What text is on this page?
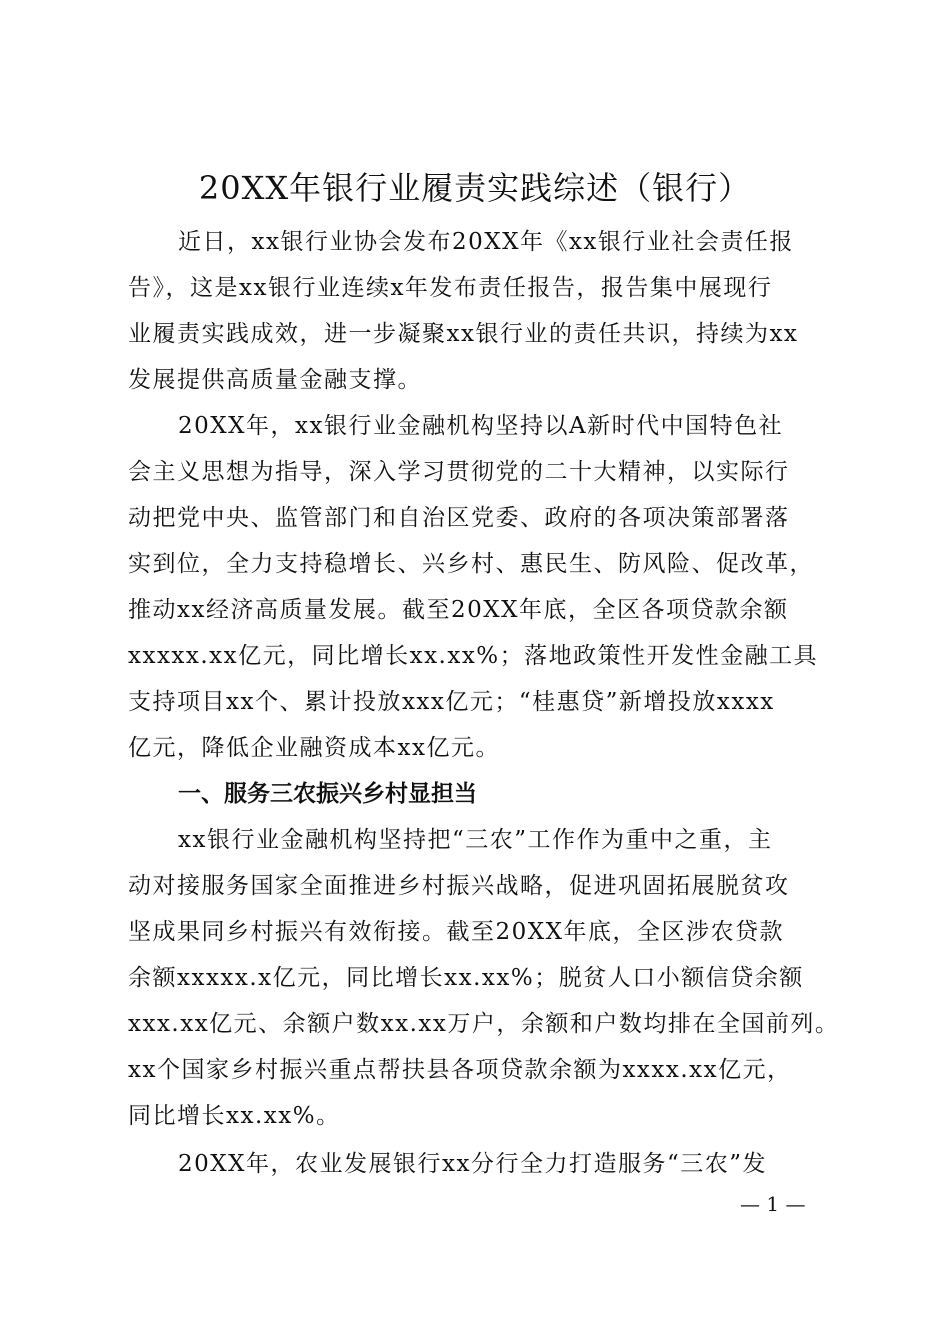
20XX年银行业履责实践综述（银行）
近日，xx银行业协会发布20XX年《xx银行业社会责任报
告》，这是xx银行业连续x年发布责任报告，报告集中展现行
业履责实践成效，进一步凝聚xx银行业的责任共识，持续为xx
发展提供高质量金融支撑。
20XX年，xx银行业金融机构坚持以A新时代中国特色社
会主义思想为指导，深入学习贯彻党的二十大精神，以实际行
动把党中央、监管部门和自治区党委、政府的各项决策部署落
实到位，全力支持稳增长、兴乡村、惠民生、防风险、促改革，
推动xx经济高质量发展。截至20XX年底，全区各项贷款余额
xxxxx.xx亿元，同比增长xx.xx%；落地政策性开发性金融工具
支持项目xx个、累计投放xxx亿元；“桂惠贷”新增投放xxxx
亿元，降低企业融资成本xx亿元。
一、服务三农振兴乡村显担当
xx银行业金融机构坚持把“三农”工作作为重中之重，主
动对接服务国家全面推进乡村振兴战略，促进巩固拓展脱贫攻
坚成果同乡村振兴有效衔接。截至20XX年底，全区涉农贷款
余额xxxxx.x亿元，同比增长xx.xx%；脱贫人口小额信贷余额
xxx.xx亿元、余额户数xx.xx万户，余额和户数均排在全国前列。
xx个国家乡村振兴重点帮扶县各项贷款余额为xxxx.xx亿元，
同比增长xx.xx%。
20XX年，农业发展银行xx分行全力打造服务“三农”发
— 1 —
